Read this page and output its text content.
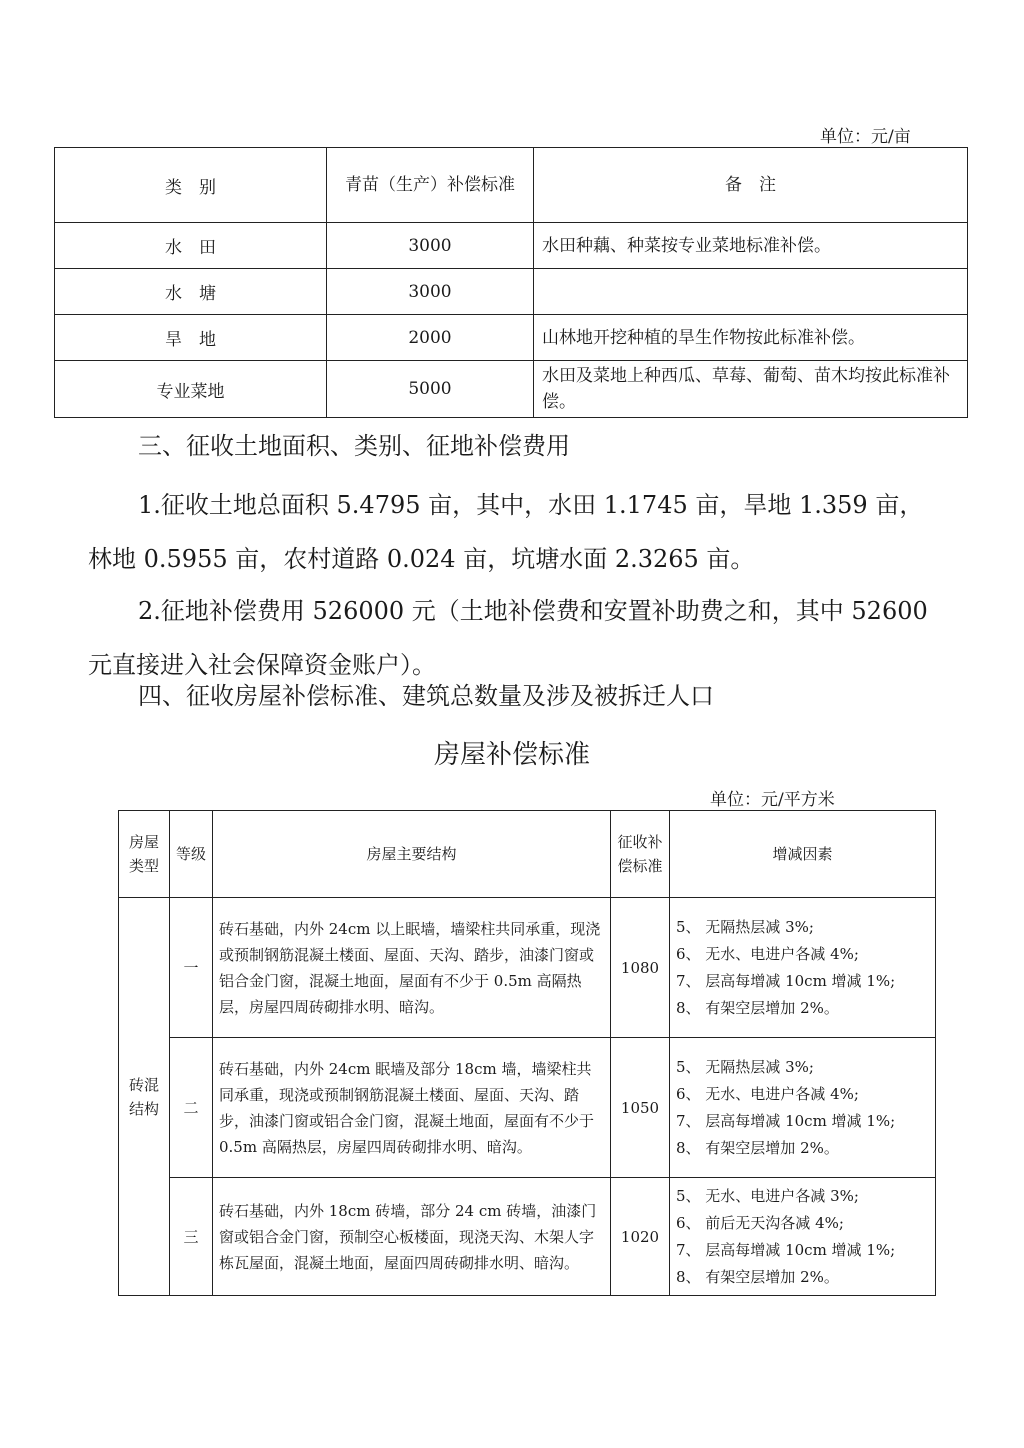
单位：元/亩
类　别	青苗（生产）补偿标准	备　注
水　田	3000	水田种藕、种菜按专业菜地标准补偿。
水　塘	3000	
旱　地	2000	山林地开挖种植的旱生作物按此标准补偿。
专业菜地	5000	水田及菜地上种西瓜、草莓、葡萄、苗木均按此标准补偿。
三、征收土地面积、类别、征地补偿费用
1.征收土地总面积 5.4795 亩，其中，水田 1.1745 亩，旱地 1.359 亩，林地 0.5955 亩，农村道路 0.024 亩，坑塘水面 2.3265 亩。
2.征地补偿费用 526000 元（土地补偿费和安置补助费之和，其中 52600 元直接进入社会保障资金账户）。
四、征收房屋补偿标准、建筑总数量及涉及被拆迁人口
房屋补偿标准
单位：元/平方米
房屋类型	等级	房屋主要结构	征收补偿标准	增减因素
砖混结构	一	砖石基础，内外 24cm 以上眠墙，墙梁柱共同承重，现浇或预制钢筋混凝土楼面、屋面、天沟、踏步，油漆门窗或铝合金门窗，混凝土地面，屋面有不少于 0.5m 高隔热层，房屋四周砖砌排水明、暗沟。	1080	5、 无隔热层减 3%;
6、 无水、电进户各减 4%;
7、 层高每增减 10cm 增减 1%;
8、 有架空层增加 2%。

	二	砖石基础，内外 24cm 眠墙及部分 18cm 墙，墙梁柱共同承重，现浇或预制钢筋混凝土楼面、屋面、天沟、踏步，油漆门窗或铝合金门窗，混凝土地面，屋面有不少于 0.5m 高隔热层，房屋四周砖砌排水明、暗沟。	1050	5、 无隔热层减 3%;
6、 无水、电进户各减 4%;
7、 层高每增减 10cm 增减 1%;
8、 有架空层增加 2%。

	三	砖石基础，内外 18cm 砖墙，部分 24 cm 砖墙，油漆门窗或铝合金门窗，预制空心板楼面，现浇天沟、木架人字栋瓦屋面，混凝土地面，屋面四周砖砌排水明、暗沟。	1020	5、 无水、电进户各减 3%;
6、 前后无天沟各减 4%;
7、 层高每增减 10cm 增减 1%;
8、 有架空层增加 2%。
